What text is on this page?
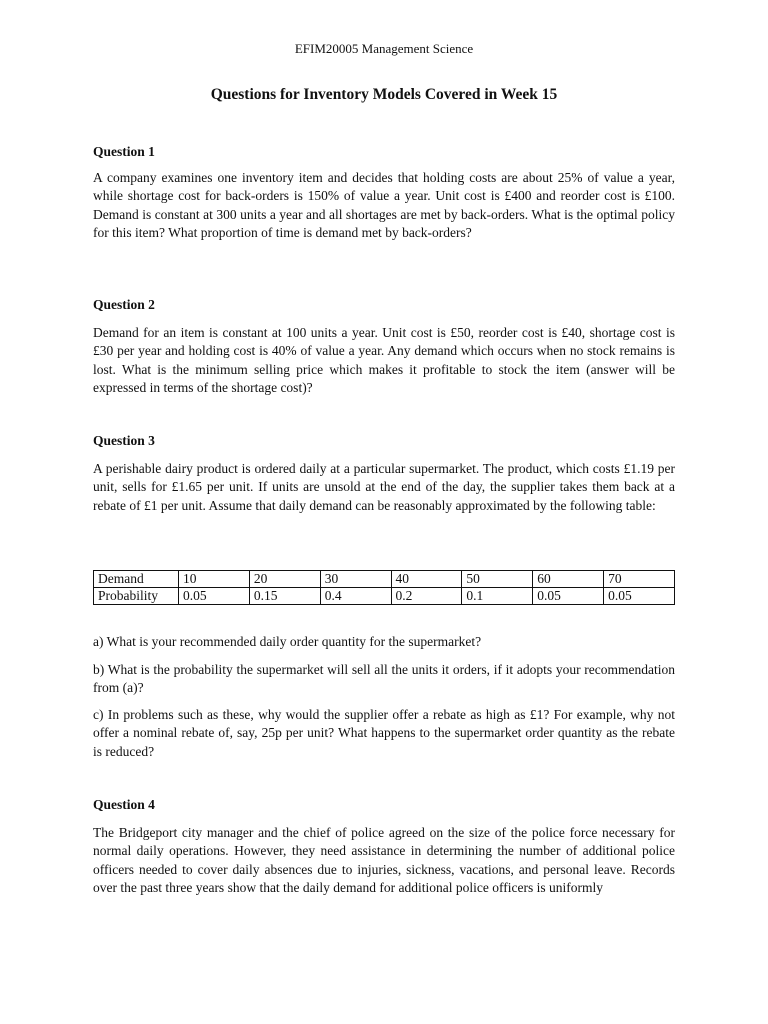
EFIM20005 Management Science
Questions for Inventory Models Covered in Week 15
Question 1

A company examines one inventory item and decides that holding costs are about 25% of value a year, while shortage cost for back-orders is 150% of value a year. Unit cost is £400 and reorder cost is £100. Demand is constant at 300 units a year and all shortages are met by back-orders. What is the optimal policy for this item? What proportion of time is demand met by back-orders?

Question 2

Demand for an item is constant at 100 units a year. Unit cost is £50, reorder cost is £40, shortage cost is £30 per year and holding cost is 40% of value a year. Any demand which occurs when no stock remains is lost. What is the minimum selling price which makes it profitable to stock the item (answer will be expressed in terms of the shortage cost)?

Question 3

A perishable dairy product is ordered daily at a particular supermarket. The product, which costs £1.19 per unit, sells for £1.65 per unit. If units are unsold at the end of the day, the supplier takes them back at a rebate of £1 per unit. Assume that daily demand can be reasonably approximated by the following table:

Demand	10	20	30	40	50	60	70
Probability	0.05	0.15	0.4	0.2	0.1	0.05	0.05

a) What is your recommended daily order quantity for the supermarket?

b) What is the probability the supermarket will sell all the units it orders, if it adopts your recommendation from (a)?

c) In problems such as these, why would the supplier offer a rebate as high as £1? For example, why not offer a nominal rebate of, say, 25p per unit? What happens to the supermarket order quantity as the rebate is reduced?

Question 4

The Bridgeport city manager and the chief of police agreed on the size of the police force necessary for normal daily operations. However, they need assistance in determining the number of additional police officers needed to cover daily absences due to injuries, sickness, vacations, and personal leave. Records over the past three years show that the daily demand for additional police officers is uniformly
